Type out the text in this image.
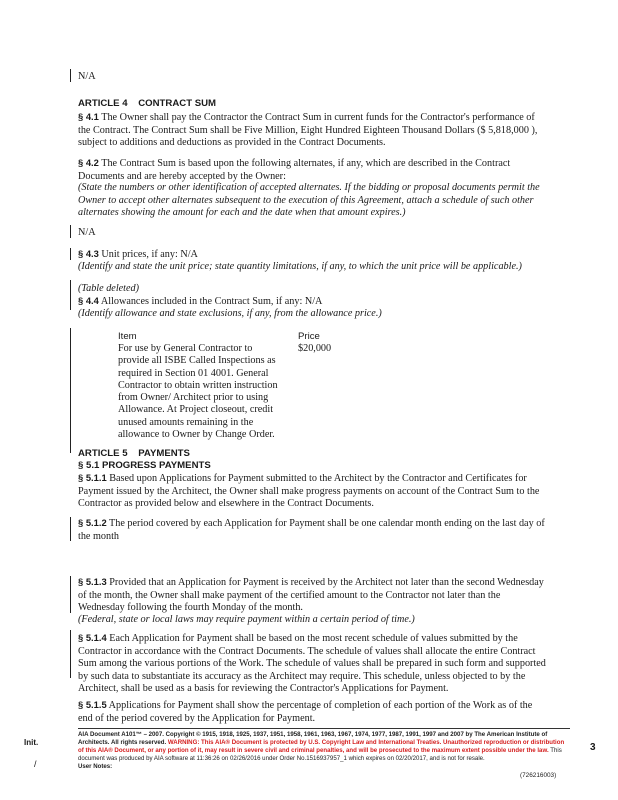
N/A
ARTICLE 4    CONTRACT SUM

§ 4.1 The Owner shall pay the Contractor the Contract Sum in current funds for the Contractor's performance of the Contract. The Contract Sum shall be Five Million, Eight Hundred Eighteen Thousand Dollars ($ 5,818,000 ), subject to additions and deductions as provided in the Contract Documents.

§ 4.2 The Contract Sum is based upon the following alternates, if any, which are described in the Contract Documents and are hereby accepted by the Owner:

(State the numbers or other identification of accepted alternates. If the bidding or proposal documents permit the Owner to accept other alternates subsequent to the execution of this Agreement, attach a schedule of such other alternates showing the amount for each and the date when that amount expires.)

N/A

§ 4.3 Unit prices, if any: N/A

(Identify and state the unit price; state quantity limitations, if any, to which the unit price will be applicable.)

(Table deleted)

§ 4.4 Allowances included in the Contract Sum, if any: N/A

(Identify allowance and state exclusions, if any, from the allowance price.)

Item	Price
For use by General Contractor to provide all ISBE Called Inspections as required in Section 01 4001. General Contractor to obtain written instruction from Owner/ Architect prior to using Allowance. At Project closeout, credit unused amounts remaining in the allowance to Owner by Change Order.
$20,000
ARTICLE 5    PAYMENTS
§ 5.1 PROGRESS PAYMENTS

§ 5.1.1 Based upon Applications for Payment submitted to the Architect by the Contractor and Certificates for Payment issued by the Architect, the Owner shall make progress payments on account of the Contract Sum to the Contractor as provided below and elsewhere in the Contract Documents.

§ 5.1.2 The period covered by each Application for Payment shall be one calendar month ending on the last day of the month

§ 5.1.3 Provided that an Application for Payment is received by the Architect not later than the second Wednesday of the month, the Owner shall make payment of the certified amount to the Contractor not later than the Wednesday following the fourth Monday of the month.

(Federal, state or local laws may require payment within a certain period of time.)

§ 5.1.4 Each Application for Payment shall be based on the most recent schedule of values submitted by the Contractor in accordance with the Contract Documents. The schedule of values shall allocate the entire Contract Sum among the various portions of the Work. The schedule of values shall be prepared in such form and supported by such data to substantiate its accuracy as the Architect may require. This schedule, unless objected to by the Architect, shall be used as a basis for reviewing the Contractor's Applications for Payment.

§ 5.1.5 Applications for Payment shall show the percentage of completion of each portion of the Work as of the end of the period covered by the Application for Payment.

Init.
/
AIA Document A101™ – 2007. Copyright © 1915, 1918, 1925, 1937, 1951, 1958, 1961, 1963, 1967, 1974, 1977, 1987, 1991, 1997 and 2007 by The American Institute of Architects. All rights reserved. WARNING: This AIA® Document is protected by U.S. Copyright Law and International Treaties. Unauthorized reproduction or distribution of this AIA® Document, or any portion of it, may result in severe civil and criminal penalties, and will be prosecuted to the maximum extent possible under the law. This document was produced by AIA software at 11:36:26 on 02/26/2016 under Order No.1516937957_1 which expires on 02/20/2017, and is not for resale.
User Notes:
(726216003)
3
